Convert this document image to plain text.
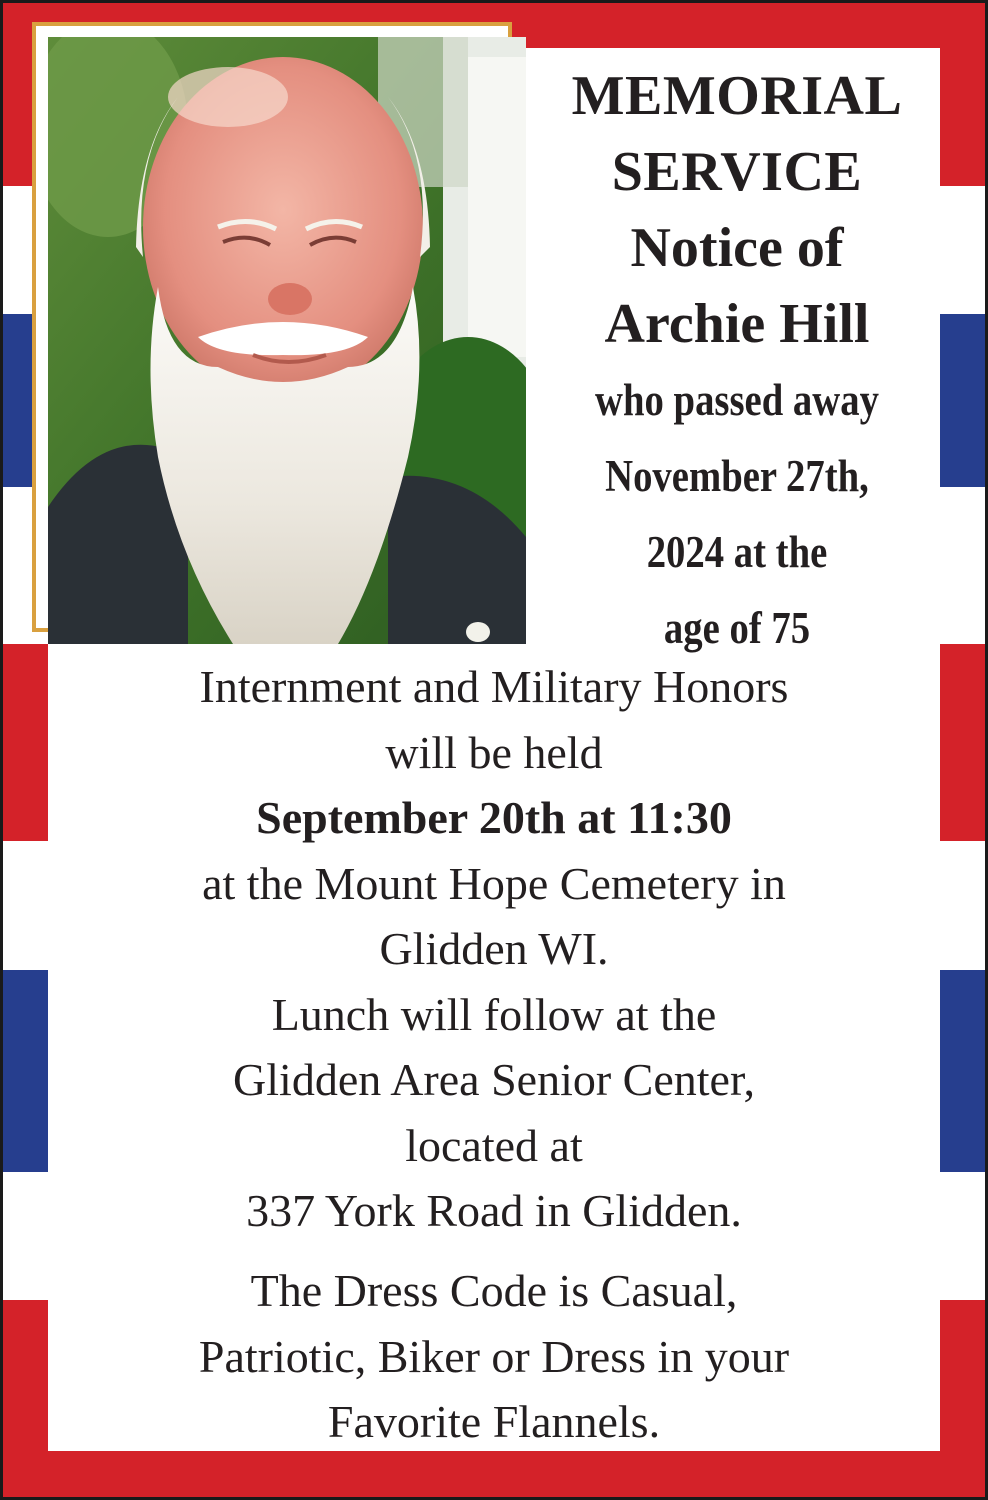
MEMORIAL
SERVICE
Notice of
Archie Hill
who passed away
November 27th,
2024 at the
age of 75
Internment and Military Honors
will be held
September 20th at 11:30
at the Mount Hope Cemetery in
Glidden WI.
Lunch will follow at the
Glidden Area Senior Center,
located at
337 York Road in Glidden.
The Dress Code is Casual,
Patriotic, Biker or Dress in your
Favorite Flannels.
